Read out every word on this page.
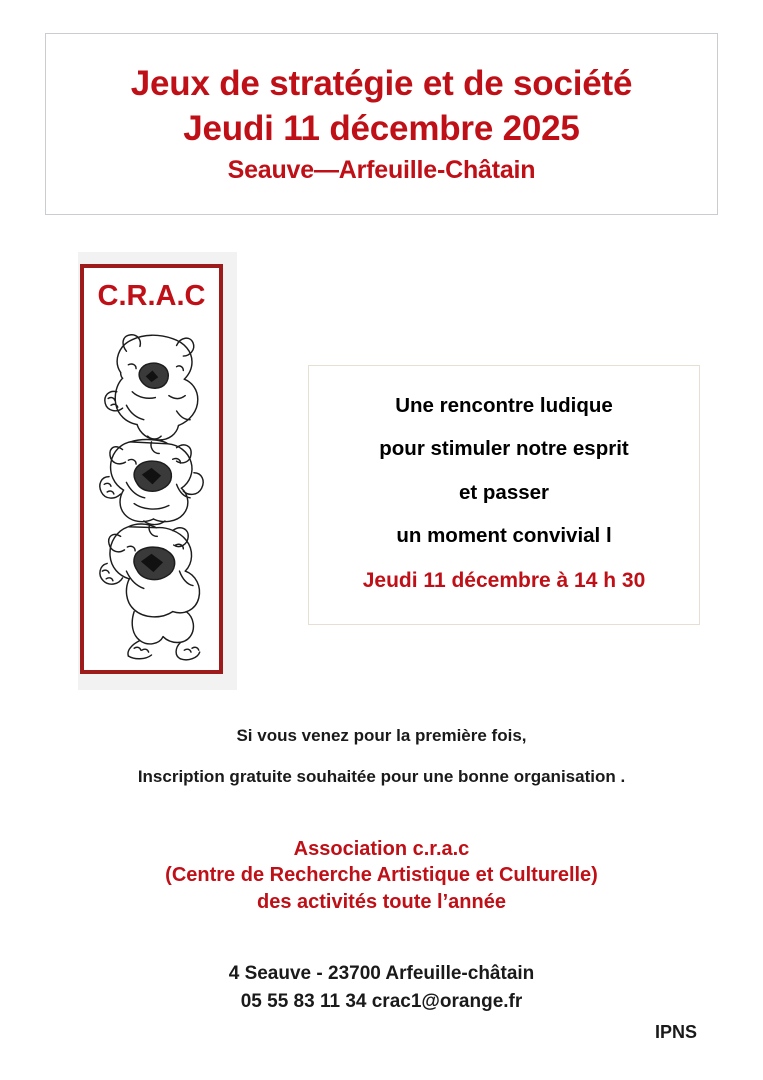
Jeux de stratégie et de société
Jeudi 11 décembre 2025
Seauve—Arfeuille-Châtain
C.R.A.C
Une rencontre ludique
pour stimuler notre esprit
et passer
un moment convivial l
Jeudi 11 décembre à 14 h 30
Si vous venez pour la première fois,
Inscription gratuite souhaitée pour une bonne organisation .
Association c.r.a.c
(Centre de Recherche Artistique et Culturelle)
des activités toute l’année
4 Seauve - 23700 Arfeuille-châtain
05 55 83 11 34 crac1@orange.fr
IPNS
